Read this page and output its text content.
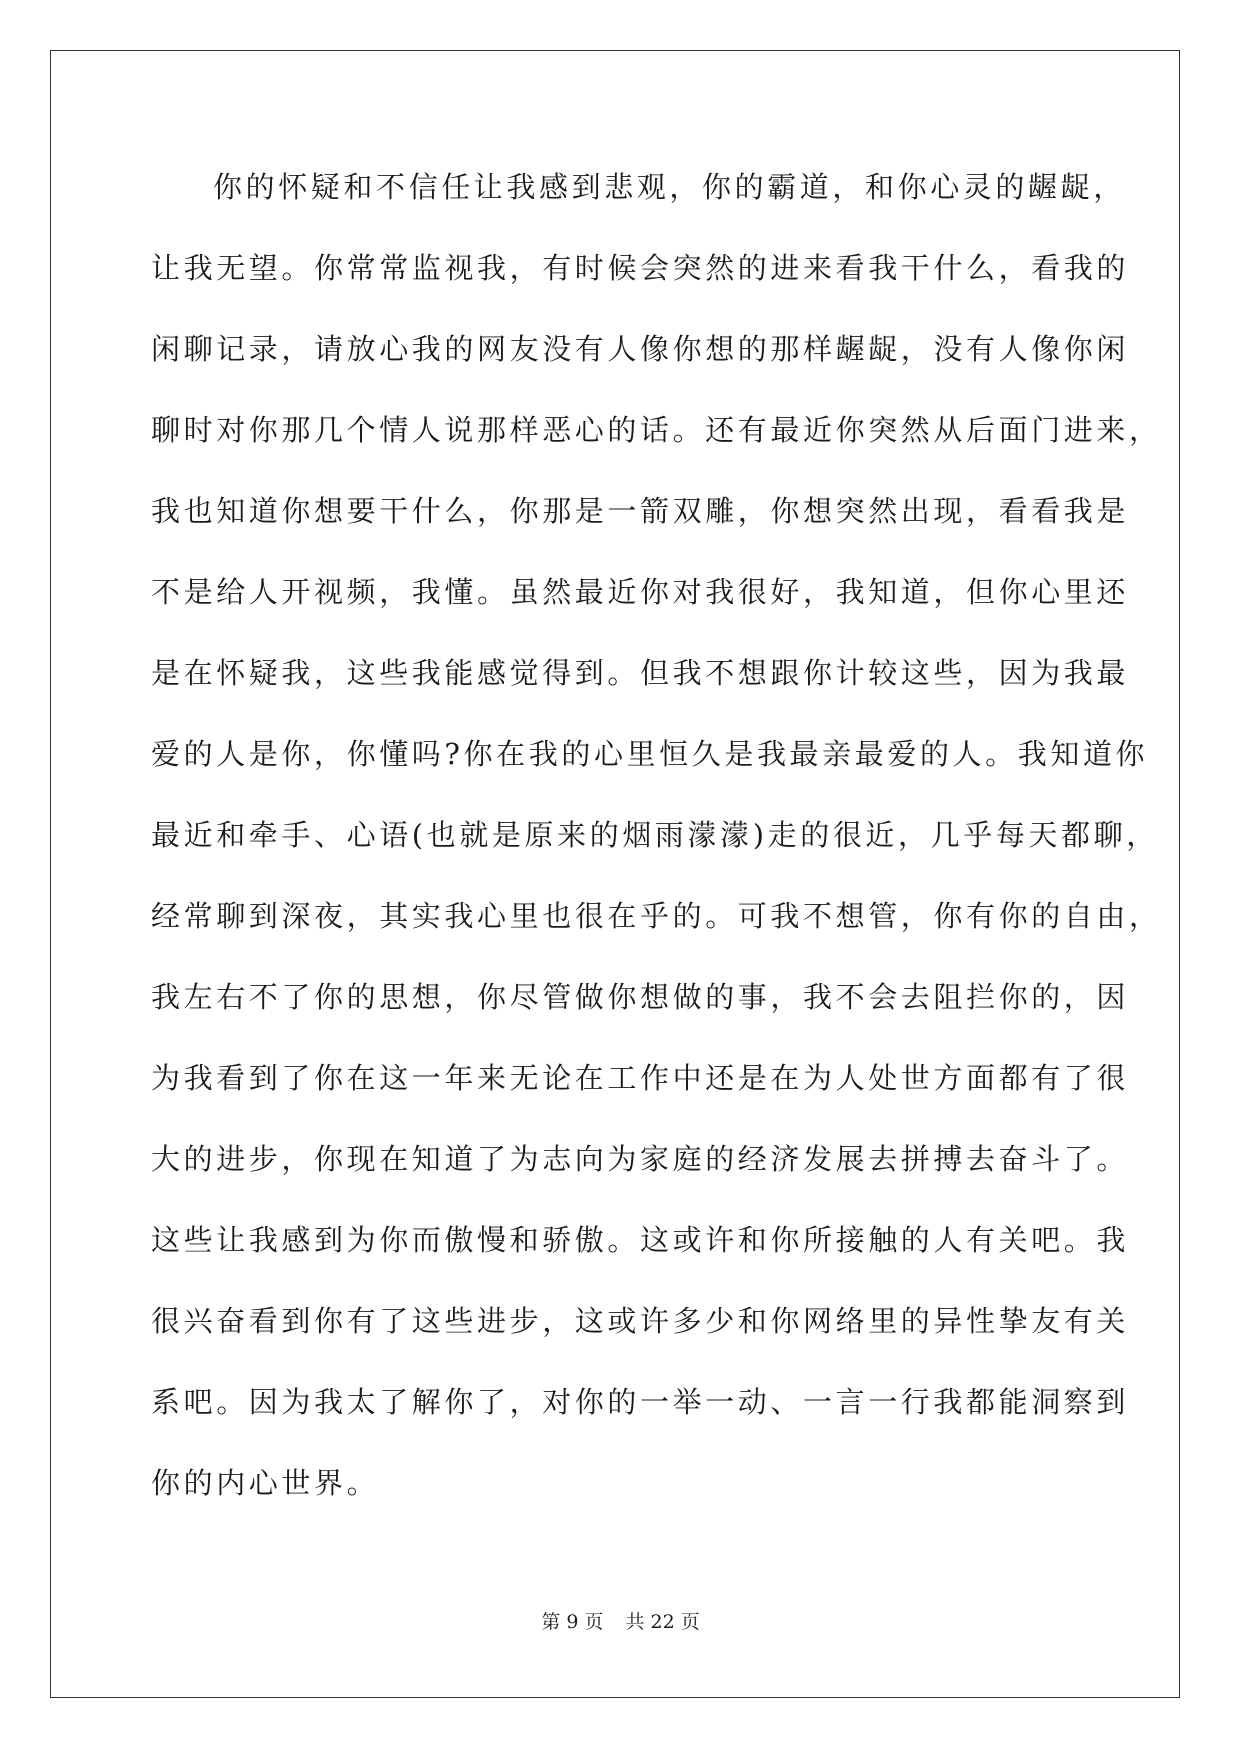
你的怀疑和不信任让我感到悲观，你的霸道，和你心灵的龌龊，
让我无望。你常常监视我，有时候会突然的进来看我干什么，看我的
闲聊记录，请放心我的网友没有人像你想的那样龌龊，没有人像你闲
聊时对你那几个情人说那样恶心的话。还有最近你突然从后面门进来，
我也知道你想要干什么，你那是一箭双雕，你想突然出现，看看我是
不是给人开视频，我懂。虽然最近你对我很好，我知道，但你心里还
是在怀疑我，这些我能感觉得到。但我不想跟你计较这些，因为我最
爱的人是你，你懂吗?你在我的心里恒久是我最亲最爱的人。我知道你
最近和牵手、心语(也就是原来的烟雨濛濛)走的很近，几乎每天都聊，
经常聊到深夜，其实我心里也很在乎的。可我不想管，你有你的自由，
我左右不了你的思想，你尽管做你想做的事，我不会去阻拦你的，因
为我看到了你在这一年来无论在工作中还是在为人处世方面都有了很
大的进步，你现在知道了为志向为家庭的经济发展去拼搏去奋斗了。
这些让我感到为你而傲慢和骄傲。这或许和你所接触的人有关吧。我
很兴奋看到你有了这些进步，这或许多少和你网络里的异性挚友有关
系吧。因为我太了解你了，对你的一举一动、一言一行我都能洞察到
你的内心世界。
第 9 页 共 22 页
